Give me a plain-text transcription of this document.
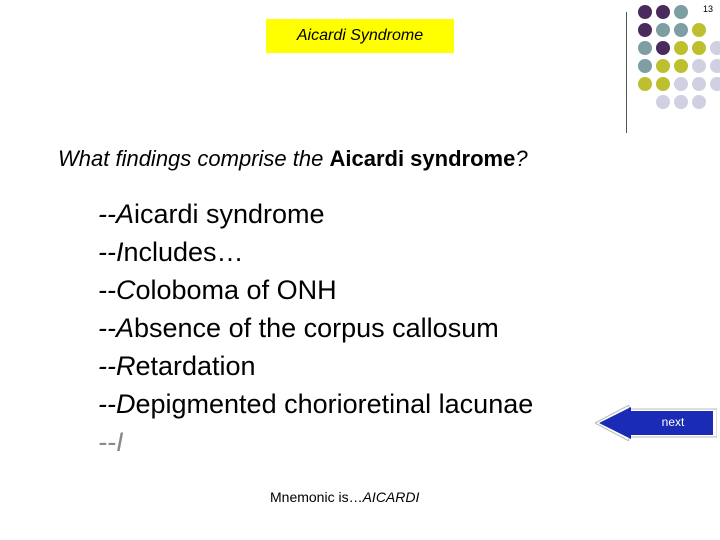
13
Aicardi Syndrome
What findings comprise the Aicardi syndrome?
--Aicardi syndrome
--Includes…
--Coloboma of ONH
--Absence of the corpus callosum
--Retardation
--Depigmented chorioretinal lacunae
--I
next
Mnemonic is…AICARDI
